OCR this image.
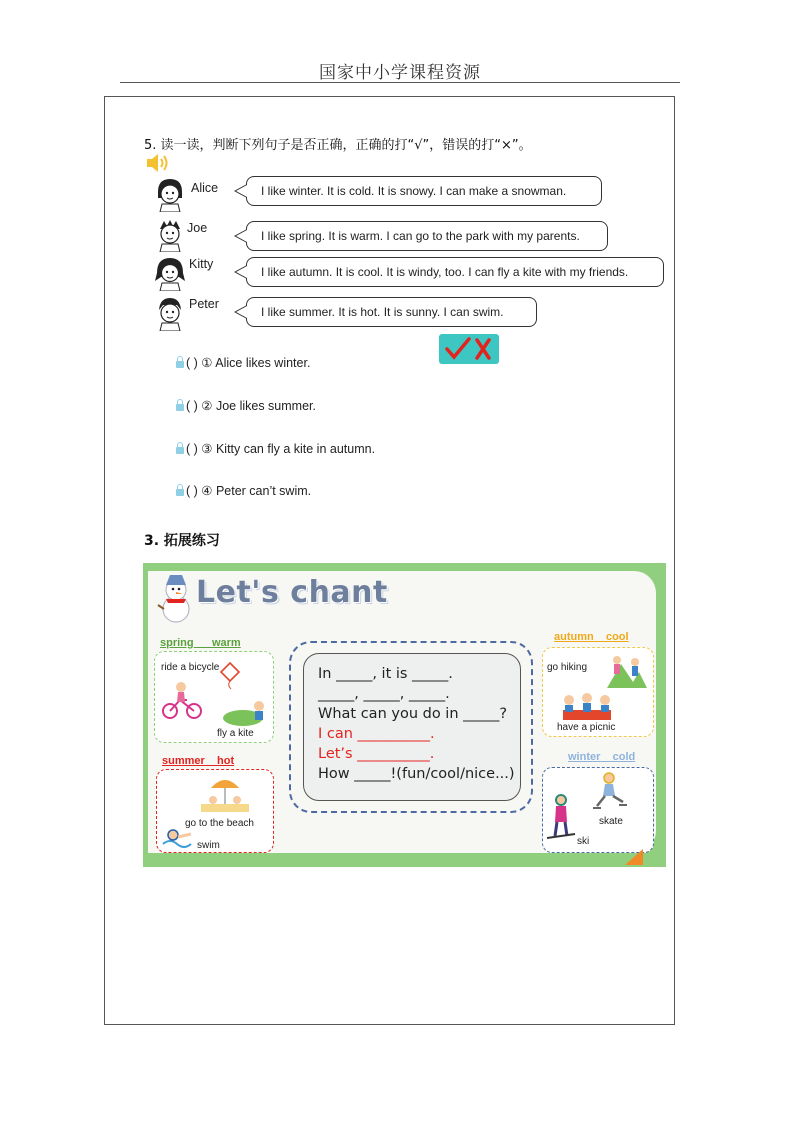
国家中小学课程资源
5. 读一读，判断下列句子是否正确，正确的打“√”，错误的打“×”。
Alice	I like winter. It is cold. It is snowy. I can make a snowman.
Joe
I like spring. It is warm. I can go to the park with my parents.
Kitty
I like autumn. It is cool. It is windy, too. I can fly a kite with my friends.
Peter
I like summer. It is hot. It is sunny. I can swim.
( ) ① Alice likes winter.
( ) ② Joe likes summer.
( ) ③ Kitty can fly a kite in autumn.
( ) ④ Peter can’t swim.
3. 拓展练习
Let's chant
spring warm
ride a bicycle
fly a kite
summer hot
go to the beach
swim
In _____, it is _____.
_____, _____, _____.
What can you do in _____?
I can __________.
Let’s __________.
How _____!(fun/cool/nice...)
autumn cool
go hiking
have a picnic
winter cold
skate
ski
